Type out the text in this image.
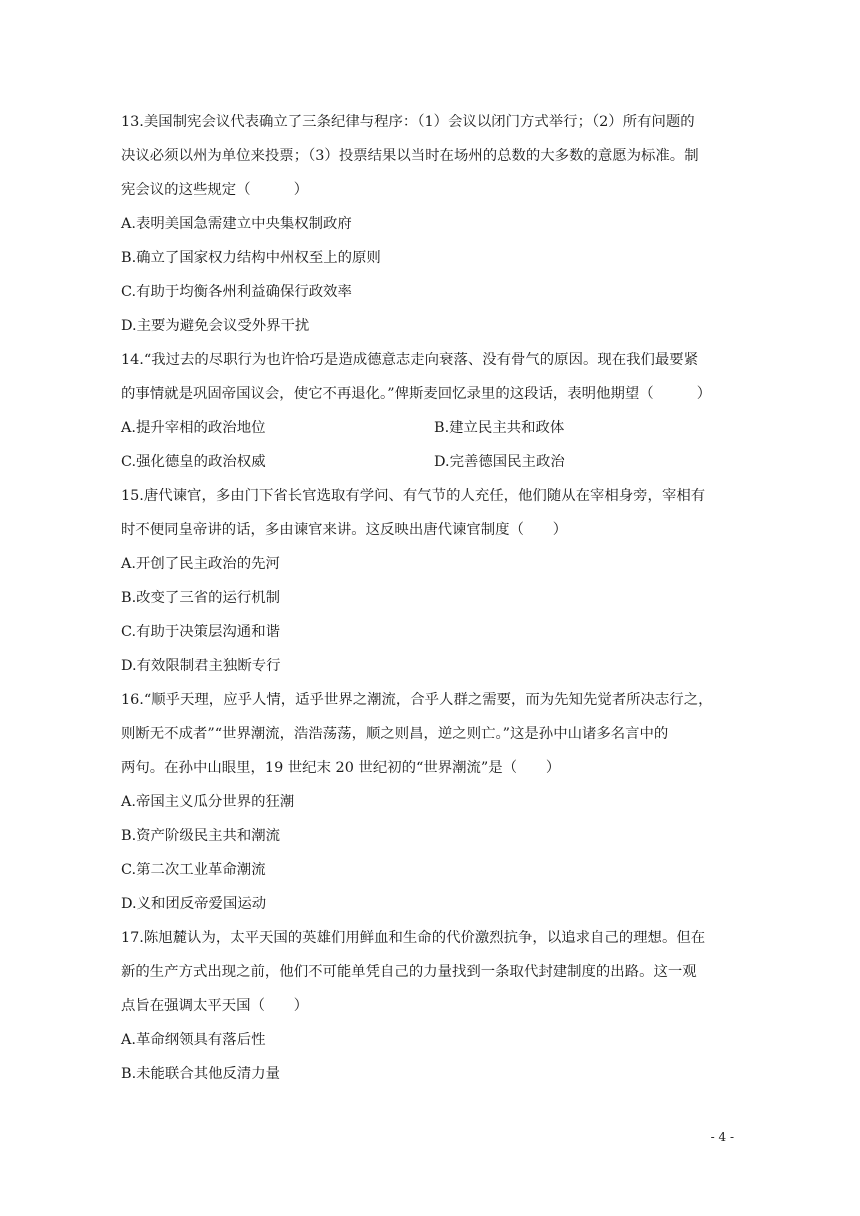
13.美国制宪会议代表确立了三条纪律与程序：（1）会议以闭门方式举行；（2）所有问题的
决议必须以州为单位来投票；（3）投票结果以当时在场州的总数的大多数的意愿为标准。制
宪会议的这些规定（　　　）
A.表明美国急需建立中央集权制政府
B.确立了国家权力结构中州权至上的原则
C.有助于均衡各州利益确保行政效率
D.主要为避免会议受外界干扰
14.“我过去的尽职行为也许恰巧是造成德意志走向衰落、没有骨气的原因。现在我们最要紧
的事情就是巩固帝国议会，使它不再退化。”俾斯麦回忆录里的这段话，表明他期望（　　　）
A.提升宰相的政治地位	B.建立民主共和政体
C.强化德皇的政治权威	D.完善德国民主政治
15.唐代谏官，多由门下省长官选取有学问、有气节的人充任，他们随从在宰相身旁，宰相有
时不便同皇帝讲的话，多由谏官来讲。这反映出唐代谏官制度（　　）
A.开创了民主政治的先河
B.改变了三省的运行机制
C.有助于决策层沟通和谐
D.有效限制君主独断专行
16.“顺乎天理，应乎人情，适乎世界之潮流，合乎人群之需要，而为先知先觉者所决志行之，
则断无不成者”“世界潮流，浩浩荡荡，顺之则昌，逆之则亡。”这是孙中山诸多名言中的
两句。在孙中山眼里，19 世纪末 20 世纪初的“世界潮流”是（　　）
A.帝国主义瓜分世界的狂潮
B.资产阶级民主共和潮流
C.第二次工业革命潮流
D.义和团反帝爱国运动
17.陈旭麓认为，太平天国的英雄们用鲜血和生命的代价激烈抗争，以追求自己的理想。但在
新的生产方式出现之前，他们不可能单凭自己的力量找到一条取代封建制度的出路。这一观
点旨在强调太平天国（　　）
A.革命纲领具有落后性
B.未能联合其他反清力量
- 4 -
